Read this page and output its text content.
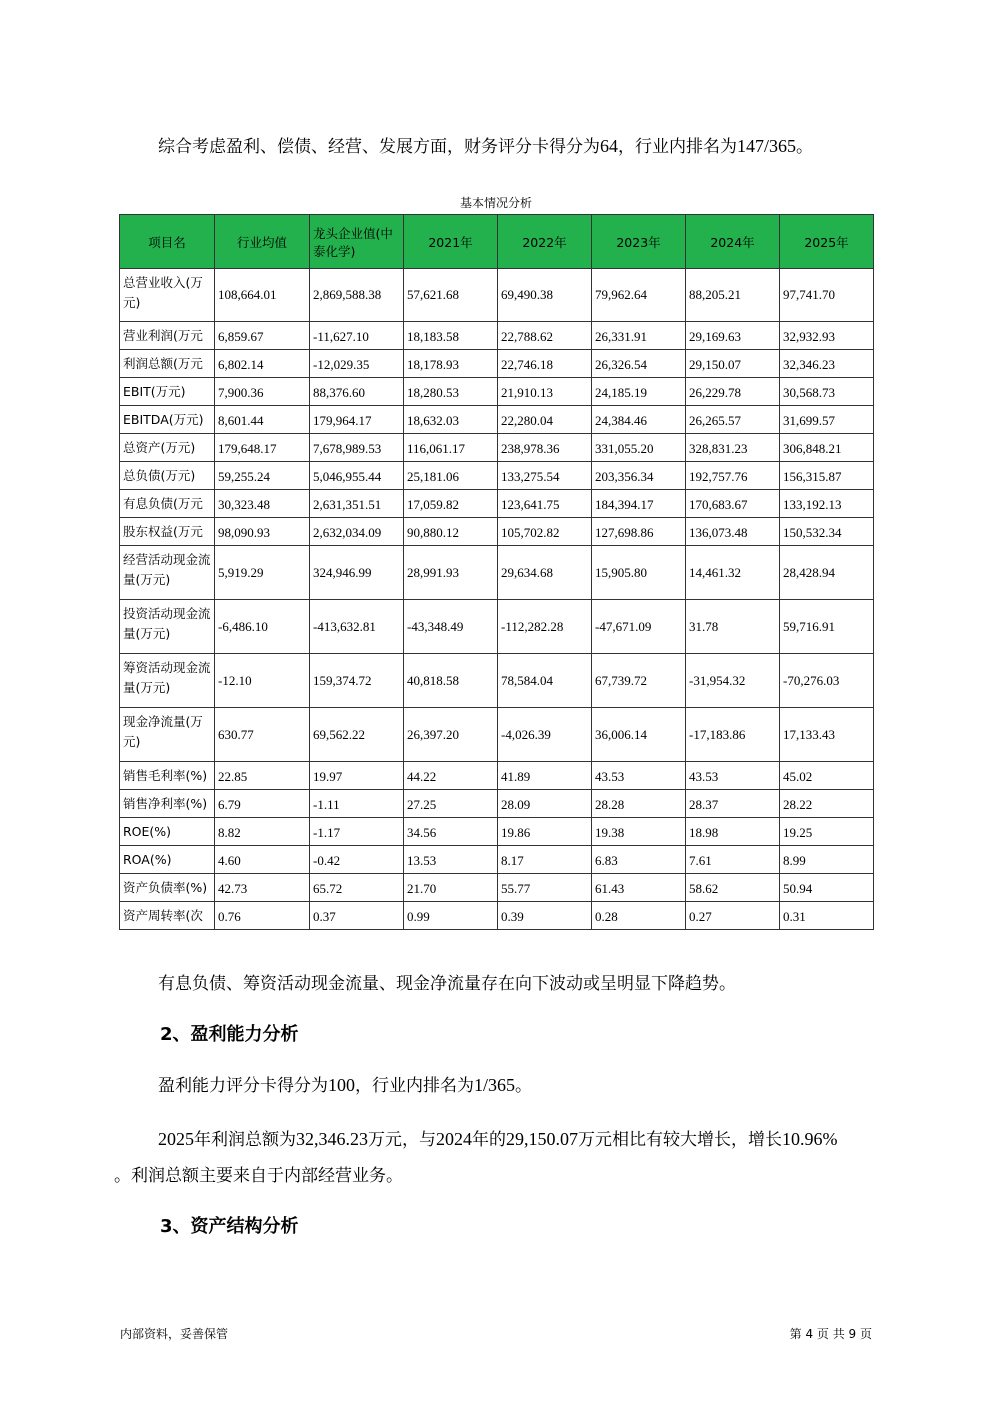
综合考虑盈利、偿债、经营、发展方面，财务评分卡得分为64，行业内排名为147/365。
基本情况分析
项目名	行业均值	龙头企业值(中泰化学)	2021年	2022年	2023年	2024年	2025年
总营业收入(万元)	108,664.01	2,869,588.38	57,621.68	69,490.38	79,962.64	88,205.21	97,741.70
营业利润(万元	6,859.67	-11,627.10	18,183.58	22,788.62	26,331.91	29,169.63	32,932.93
利润总额(万元	6,802.14	-12,029.35	18,178.93	22,746.18	26,326.54	29,150.07	32,346.23
EBIT(万元)	7,900.36	88,376.60	18,280.53	21,910.13	24,185.19	26,229.78	30,568.73
EBITDA(万元)	8,601.44	179,964.17	18,632.03	22,280.04	24,384.46	26,265.57	31,699.57
总资产(万元)	179,648.17	7,678,989.53	116,061.17	238,978.36	331,055.20	328,831.23	306,848.21
总负债(万元)	59,255.24	5,046,955.44	25,181.06	133,275.54	203,356.34	192,757.76	156,315.87
有息负债(万元	30,323.48	2,631,351.51	17,059.82	123,641.75	184,394.17	170,683.67	133,192.13
股东权益(万元	98,090.93	2,632,034.09	90,880.12	105,702.82	127,698.86	136,073.48	150,532.34
经营活动现金流量(万元)	5,919.29	324,946.99	28,991.93	29,634.68	15,905.80	14,461.32	28,428.94
投资活动现金流量(万元)	-6,486.10	-413,632.81	-43,348.49	-112,282.28	-47,671.09	31.78	59,716.91
筹资活动现金流量(万元)	-12.10	159,374.72	40,818.58	78,584.04	67,739.72	-31,954.32	-70,276.03
现金净流量(万元)	630.77	69,562.22	26,397.20	-4,026.39	36,006.14	-17,183.86	17,133.43
销售毛利率(%)	22.85	19.97	44.22	41.89	43.53	43.53	45.02
销售净利率(%)	6.79	-1.11	27.25	28.09	28.28	28.37	28.22
ROE(%)	8.82	-1.17	34.56	19.86	19.38	18.98	19.25
ROA(%)	4.60	-0.42	13.53	8.17	6.83	7.61	8.99
资产负债率(%)	42.73	65.72	21.70	55.77	61.43	58.62	50.94
资产周转率(次	0.76	0.37	0.99	0.39	0.28	0.27	0.31
有息负债、筹资活动现金流量、现金净流量存在向下波动或呈明显下降趋势。
2、盈利能力分析
盈利能力评分卡得分为100，行业内排名为1/365。
2025年利润总额为32,346.23万元，与2024年的29,150.07万元相比有较大增长，增长10.96%
。利润总额主要来自于内部经营业务。
3、资产结构分析
内部资料，妥善保管	第 4 页 共 9 页
